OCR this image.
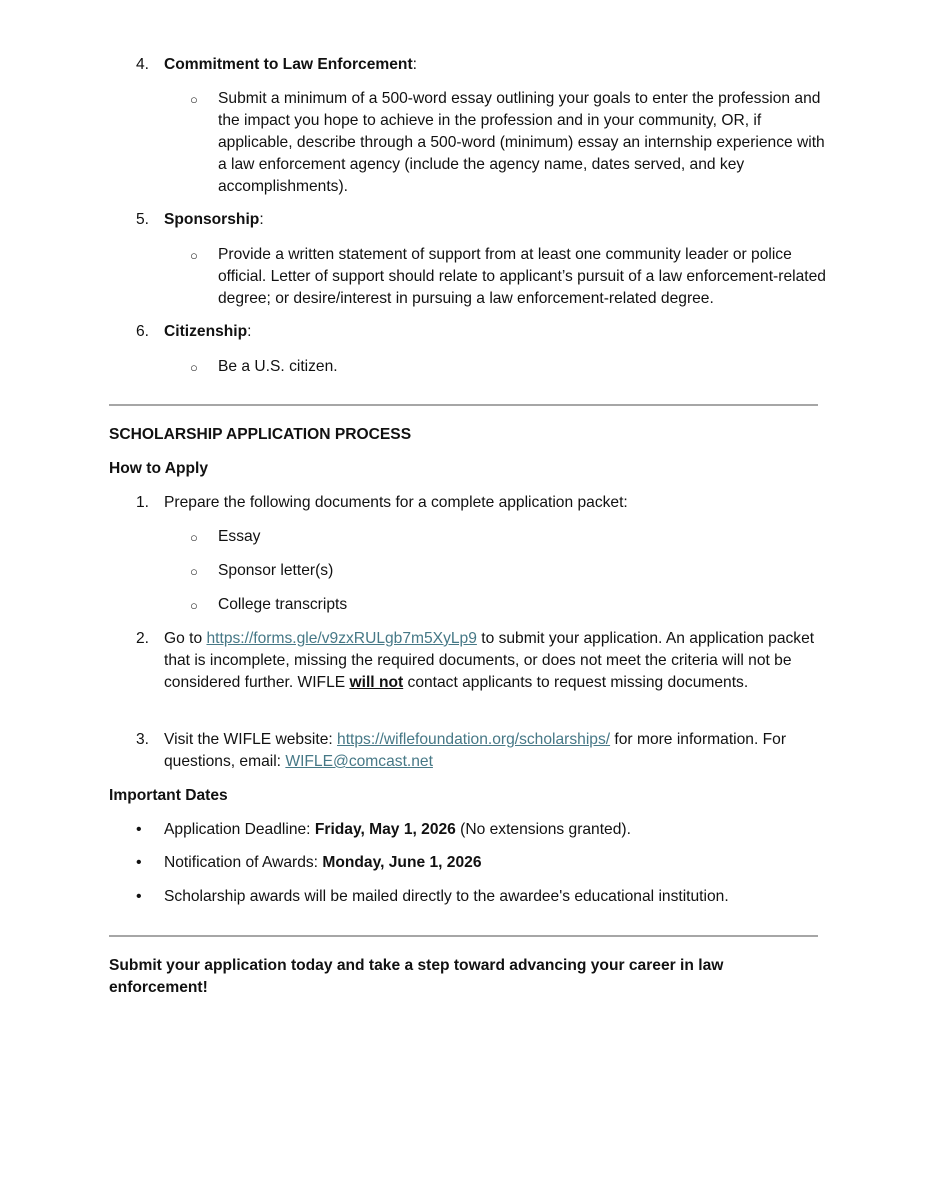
4. Commitment to Law Enforcement:
○ Submit a minimum of a 500-word essay outlining your goals to enter the profession and the impact you hope to achieve in the profession and in your community, OR, if applicable, describe through a 500-word (minimum) essay an internship experience with a law enforcement agency (include the agency name, dates served, and key accomplishments).
5. Sponsorship:
○ Provide a written statement of support from at least one community leader or police official. Letter of support should relate to applicant’s pursuit of a law enforcement-related degree; or desire/interest in pursuing a law enforcement-related degree.
6. Citizenship:
○ Be a U.S. citizen.
SCHOLARSHIP APPLICATION PROCESS
How to Apply
1. Prepare the following documents for a complete application packet:
○ Essay
○ Sponsor letter(s)
○ College transcripts
2. Go to https://forms.gle/v9zxRULgb7m5XyLp9 to submit your application. An application packet that is incomplete, missing the required documents, or does not meet the criteria will not be considered further. WIFLE will not contact applicants to request missing documents.
3. Visit the WIFLE website: https://wiflefoundation.org/scholarships/ for more information. For questions, email: WIFLE@comcast.net
Important Dates
• Application Deadline: Friday, May 1, 2026 (No extensions granted).
• Notification of Awards: Monday, June 1, 2026
• Scholarship awards will be mailed directly to the awardee's educational institution.
Submit your application today and take a step toward advancing your career in law enforcement!
